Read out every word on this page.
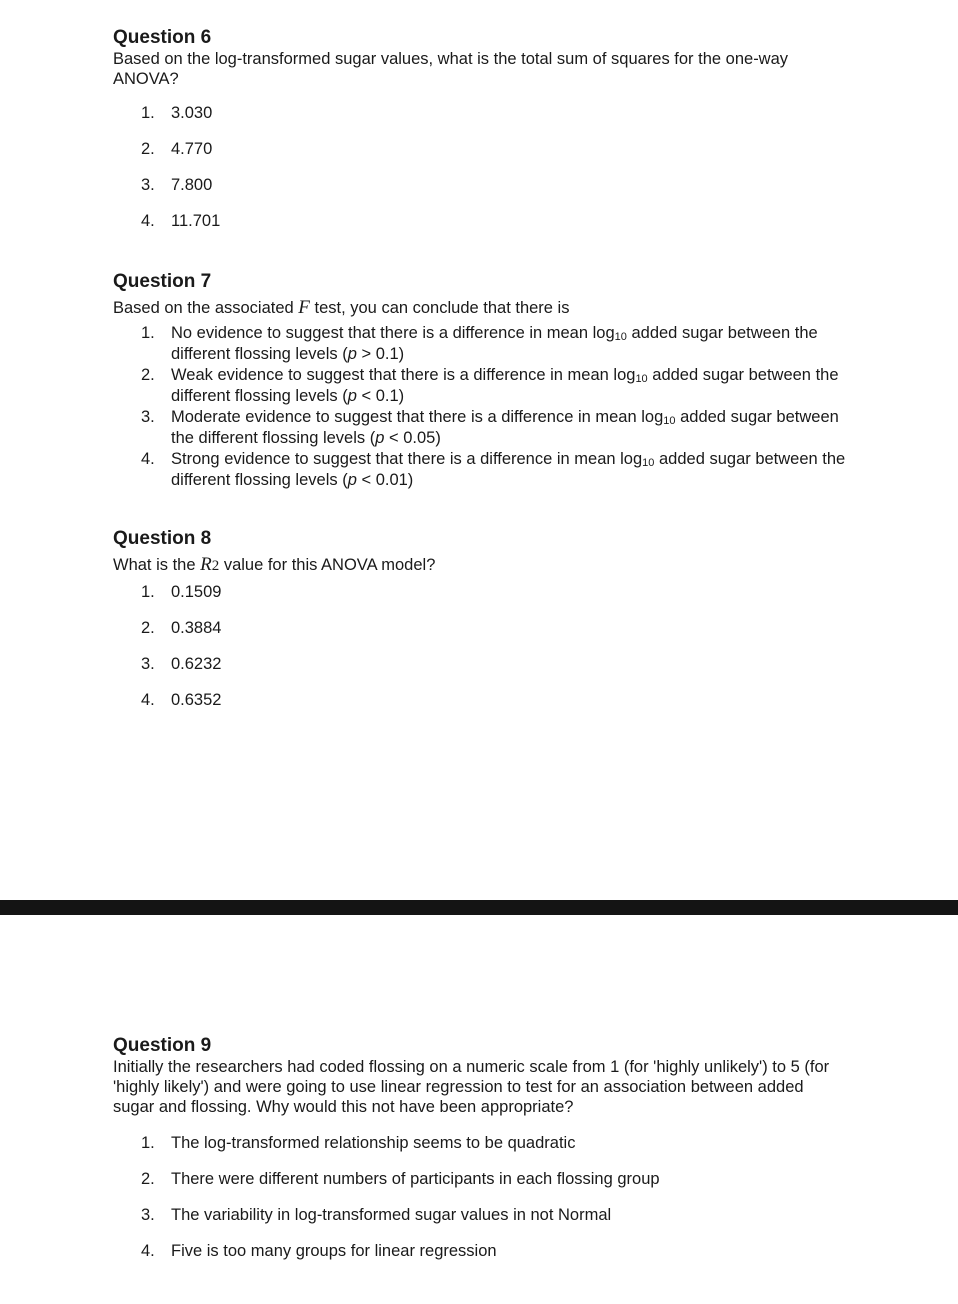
Question 6

Based on the log-transformed sugar values, what is the total sum of squares for the one-way ANOVA?

1. 3.030
2. 4.770
3. 7.800
4. 11.701

Question 7

Based on the associated F test, you can conclude that there is

1. No evidence to suggest that there is a difference in mean $\log_{10}$ added sugar between the different flossing levels (p > 0.1)
2. Weak evidence to suggest that there is a difference in mean $\log_{10}$ added sugar between the different flossing levels (p < 0.1)
3. Moderate evidence to suggest that there is a difference in mean $\log_{10}$ added sugar between the different flossing levels (p < 0.05)
4. Strong evidence to suggest that there is a difference in mean $\log_{10}$ added sugar between the different flossing levels (p < 0.01)

Question 8

What is the R2 value for this ANOVA model?

1. 0.1509
2. 0.3884
3. 0.6232
4. 0.6352

Question 9

Initially the researchers had coded flossing on a numeric scale from 1 (for 'highly unlikely') to 5 (for 'highly likely') and were going to use linear regression to test for an association between added sugar and flossing. Why would this not have been appropriate?

1. The log-transformed relationship seems to be quadratic
2. There were different numbers of participants in each flossing group
3. The variability in log-transformed sugar values in not Normal
4. Five is too many groups for linear regression
